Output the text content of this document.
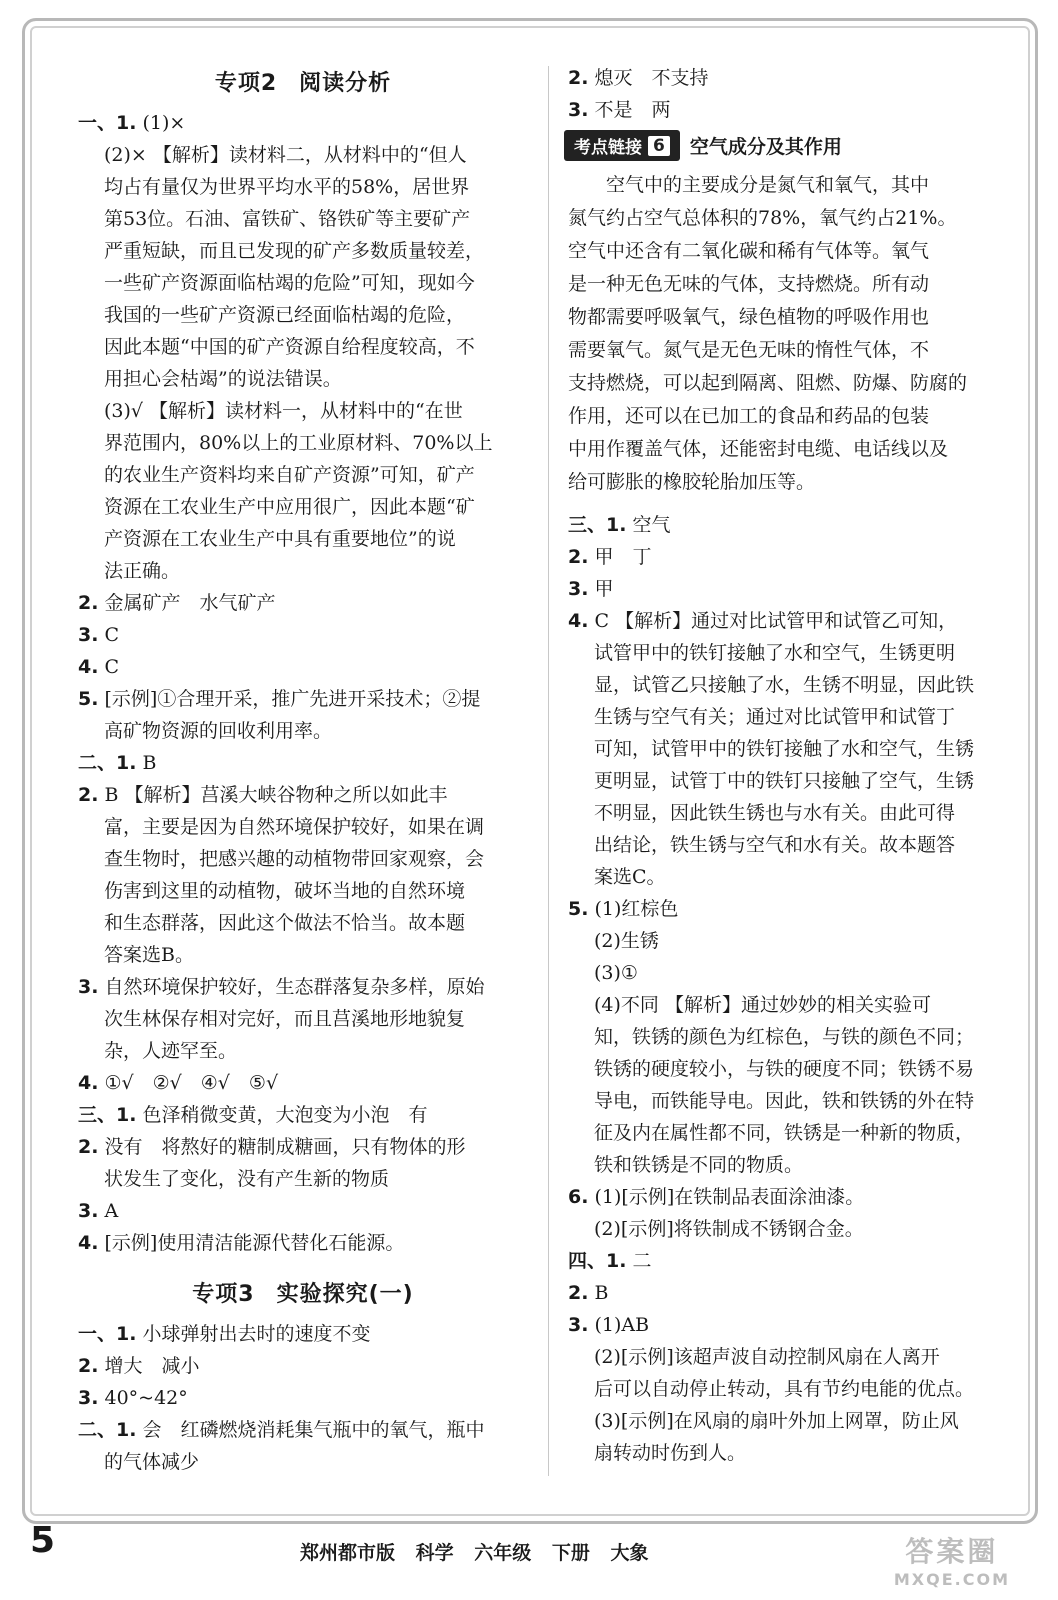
专项2 阅读分析
一、1. (1)×
(2)× 【解析】读材料二，从材料中的“但人
均占有量仅为世界平均水平的58%，居世界
第53位。石油、富铁矿、铬铁矿等主要矿产
严重短缺，而且已发现的矿产多数质量较差，
一些矿产资源面临枯竭的危险”可知，现如今
我国的一些矿产资源已经面临枯竭的危险，
因此本题“中国的矿产资源自给程度较高，不
用担心会枯竭”的说法错误。
(3)√ 【解析】读材料一，从材料中的“在世
界范围内，80%以上的工业原材料、70%以上
的农业生产资料均来自矿产资源”可知，矿产
资源在工农业生产中应用很广，因此本题“矿
产资源在工农业生产中具有重要地位”的说
法正确。
2. 金属矿产　水气矿产
3. C
4. C
5. [示例]①合理开采，推广先进开采技术；②提
高矿物资源的回收利用率。
二、1. B
2. B 【解析】莒溪大峡谷物种之所以如此丰
富，主要是因为自然环境保护较好，如果在调
查生物时，把感兴趣的动植物带回家观察，会
伤害到这里的动植物，破坏当地的自然环境
和生态群落，因此这个做法不恰当。故本题
答案选B。
3. 自然环境保护较好，生态群落复杂多样，原始
次生林保存相对完好，而且莒溪地形地貌复
杂，人迹罕至。
4. ①√　②√　④√　⑤√
三、1. 色泽稍微变黄，大泡变为小泡　有
2. 没有　将熬好的糖制成糖画，只有物体的形
状发生了变化，没有产生新的物质
3. A
4. [示例]使用清洁能源代替化石能源。
专项3 实验探究(一)
一、1. 小球弹射出去时的速度不变
2. 增大　减小
3. 40°~42°
二、1. 会　红磷燃烧消耗集气瓶中的氧气，瓶中
的气体减少
2. 熄灭　不支持
3. 不是　两
考点链接 6 空气成分及其作用
　　空气中的主要成分是氮气和氧气，其中
氮气约占空气总体积的78%，氧气约占21%。
空气中还含有二氧化碳和稀有气体等。氧气
是一种无色无味的气体，支持燃烧。所有动
物都需要呼吸氧气，绿色植物的呼吸作用也
需要氧气。氮气是无色无味的惰性气体，不
支持燃烧，可以起到隔离、阻燃、防爆、防腐的
作用，还可以在已加工的食品和药品的包装
中用作覆盖气体，还能密封电缆、电话线以及
给可膨胀的橡胶轮胎加压等。
三、1. 空气
2. 甲　丁
3. 甲
4. C 【解析】通过对比试管甲和试管乙可知，
试管甲中的铁钉接触了水和空气，生锈更明
显，试管乙只接触了水，生锈不明显，因此铁
生锈与空气有关；通过对比试管甲和试管丁
可知，试管甲中的铁钉接触了水和空气，生锈
更明显，试管丁中的铁钉只接触了空气，生锈
不明显，因此铁生锈也与水有关。由此可得
出结论，铁生锈与空气和水有关。故本题答
案选C。
5. (1)红棕色
(2)生锈
(3)①
(4)不同 【解析】通过妙妙的相关实验可
知，铁锈的颜色为红棕色，与铁的颜色不同；
铁锈的硬度较小，与铁的硬度不同；铁锈不易
导电，而铁能导电。因此，铁和铁锈的外在特
征及内在属性都不同，铁锈是一种新的物质，
铁和铁锈是不同的物质。
6. (1)[示例]在铁制品表面涂油漆。
(2)[示例]将铁制成不锈钢合金。
四、1. 二
2. B
3. (1)AB
(2)[示例]该超声波自动控制风扇在人离开
后可以自动停止转动，具有节约电能的优点。
(3)[示例]在风扇的扇叶外加上网罩，防止风
扇转动时伤到人。
5	郑州都市版 科学 六年级 下册 大象	答案圈
MXQE.COM
